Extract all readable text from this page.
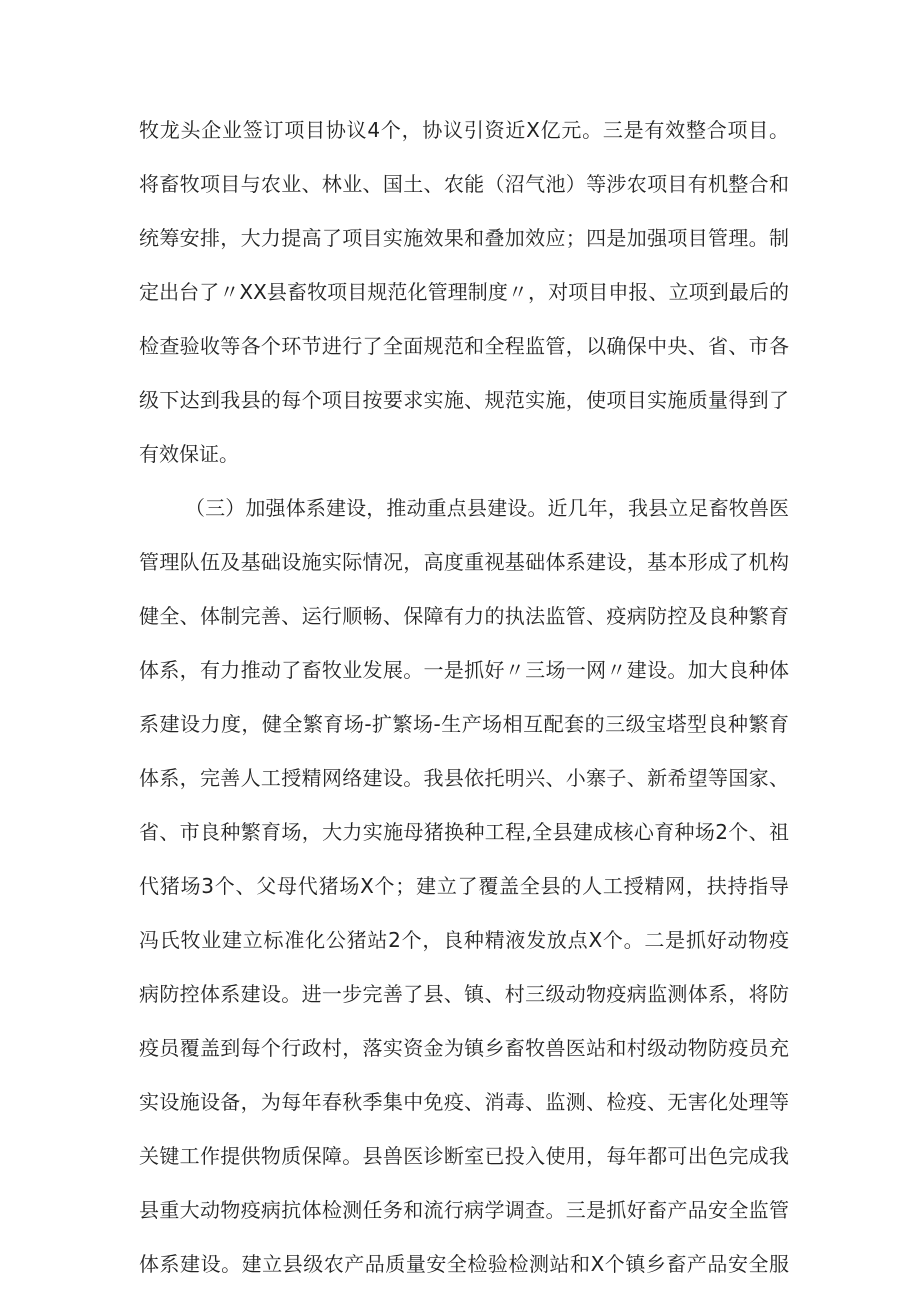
牧龙头企业签订项目协议4个，协议引资近X亿元。三是有效整合项目。
将畜牧项目与农业、林业、国土、农能（沼气池）等涉农项目有机整合和
统筹安排，大力提高了项目实施效果和叠加效应；四是加强项目管理。制
定出台了〃XX县畜牧项目规范化管理制度〃，对项目申报、立项到最后的
检查验收等各个环节进行了全面规范和全程监管，以确保中央、省、市各
级下达到我县的每个项目按要求实施、规范实施，使项目实施质量得到了
有效保证。
（三）加强体系建设，推动重点县建设。近几年，我县立足畜牧兽医
管理队伍及基础设施实际情况，高度重视基础体系建设，基本形成了机构
健全、体制完善、运行顺畅、保障有力的执法监管、疫病防控及良种繁育
体系，有力推动了畜牧业发展。一是抓好〃三场一网〃建设。加大良种体
系建设力度，健全繁育场-扩繁场-生产场相互配套的三级宝塔型良种繁育
体系，完善人工授精网络建设。我县依托明兴、小寨子、新希望等国家、
省、市良种繁育场，大力实施母猪换种工程,全县建成核心育种场2个、祖
代猪场3个、父母代猪场X个；建立了覆盖全县的人工授精网，扶持指导
冯氏牧业建立标准化公猪站2个，良种精液发放点X个。二是抓好动物疫
病防控体系建设。进一步完善了县、镇、村三级动物疫病监测体系，将防
疫员覆盖到每个行政村，落实资金为镇乡畜牧兽医站和村级动物防疫员充
实设施设备，为每年春秋季集中免疫、消毒、监测、检疫、无害化处理等
关键工作提供物质保障。县兽医诊断室已投入使用，每年都可出色完成我
县重大动物疫病抗体检测任务和流行病学调查。三是抓好畜产品安全监管
体系建设。建立县级农产品质量安全检验检测站和X个镇乡畜产品安全服
